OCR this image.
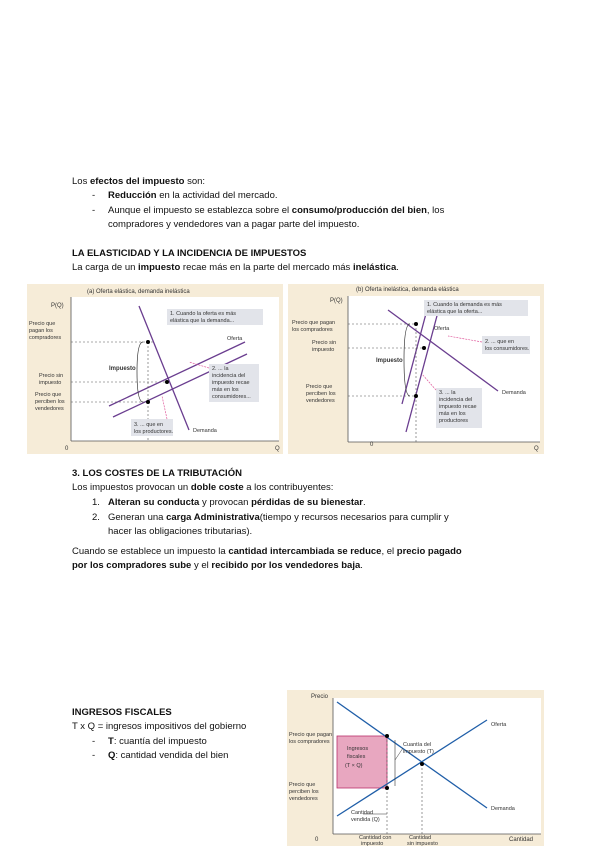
Los efectos del impuesto son:
- Reducción en la actividad del mercado.
- Aunque el impuesto se establezca sobre el consumo/producción del bien, los
compradores y vendedores van a pagar parte del impuesto.
LA ELASTICIDAD Y LA INCIDENCIA DE IMPUESTOS
La carga de un impuesto recae más en la parte del mercado más inelástica.
(a) Oferta elástica, demanda inelástica
P(Q)
Q
0
Impuesto
Precio que
pagan los
compradores
Precio sin
impuesto
Precio que
perciben los
vendedores
Oferta
Demanda
1. Cuando la oferta es más
elástica que la demanda...
2. ... la
incidencia del
impuesto recae
más en los
consumidores...
3. ... que en
los productores.
(b) Oferta inelástica, demanda elástica
P(Q)
Q
0
Impuesto
Precio que pagan
los compradores
Precio sin
impuesto
Precio que
perciben los
vendedores
Oferta
Demanda
1. Cuando la demanda es más
elástica que la oferta...
2. ... que en
los consumidores.
3. ... la
incidencia del
impuesto recae
más en los
productores
3. LOS COSTES DE LA TRIBUTACIÓN
Los impuestos provocan un doble coste a los contribuyentes:
1. Alteran su conducta y provocan pérdidas de su bienestar.
2. Generan una carga Administrativa(tiempo y recursos necesarios para cumplir y
hacer las obligaciones tributarias).
Cuando se establece un impuesto la cantidad intercambiada se reduce, el precio pagado
por los compradores sube y el recibido por los vendedores baja.
INGRESOS FISCALES
T x Q = ingresos impositivos del gobierno
- T: cuantía del impuesto
- Q: cantidad vendida del bien
Precio
Cantidad
0
Ingresos
fiscales
(T × Q)
Cuantía del
impuesto (T)
Precio que pagan
los compradores
Precio que
perciben los
vendedores
Cantidad
vendida (Q)
Cantidad con
impuesto
Cantidad
sin impuesto
Oferta
Demanda
